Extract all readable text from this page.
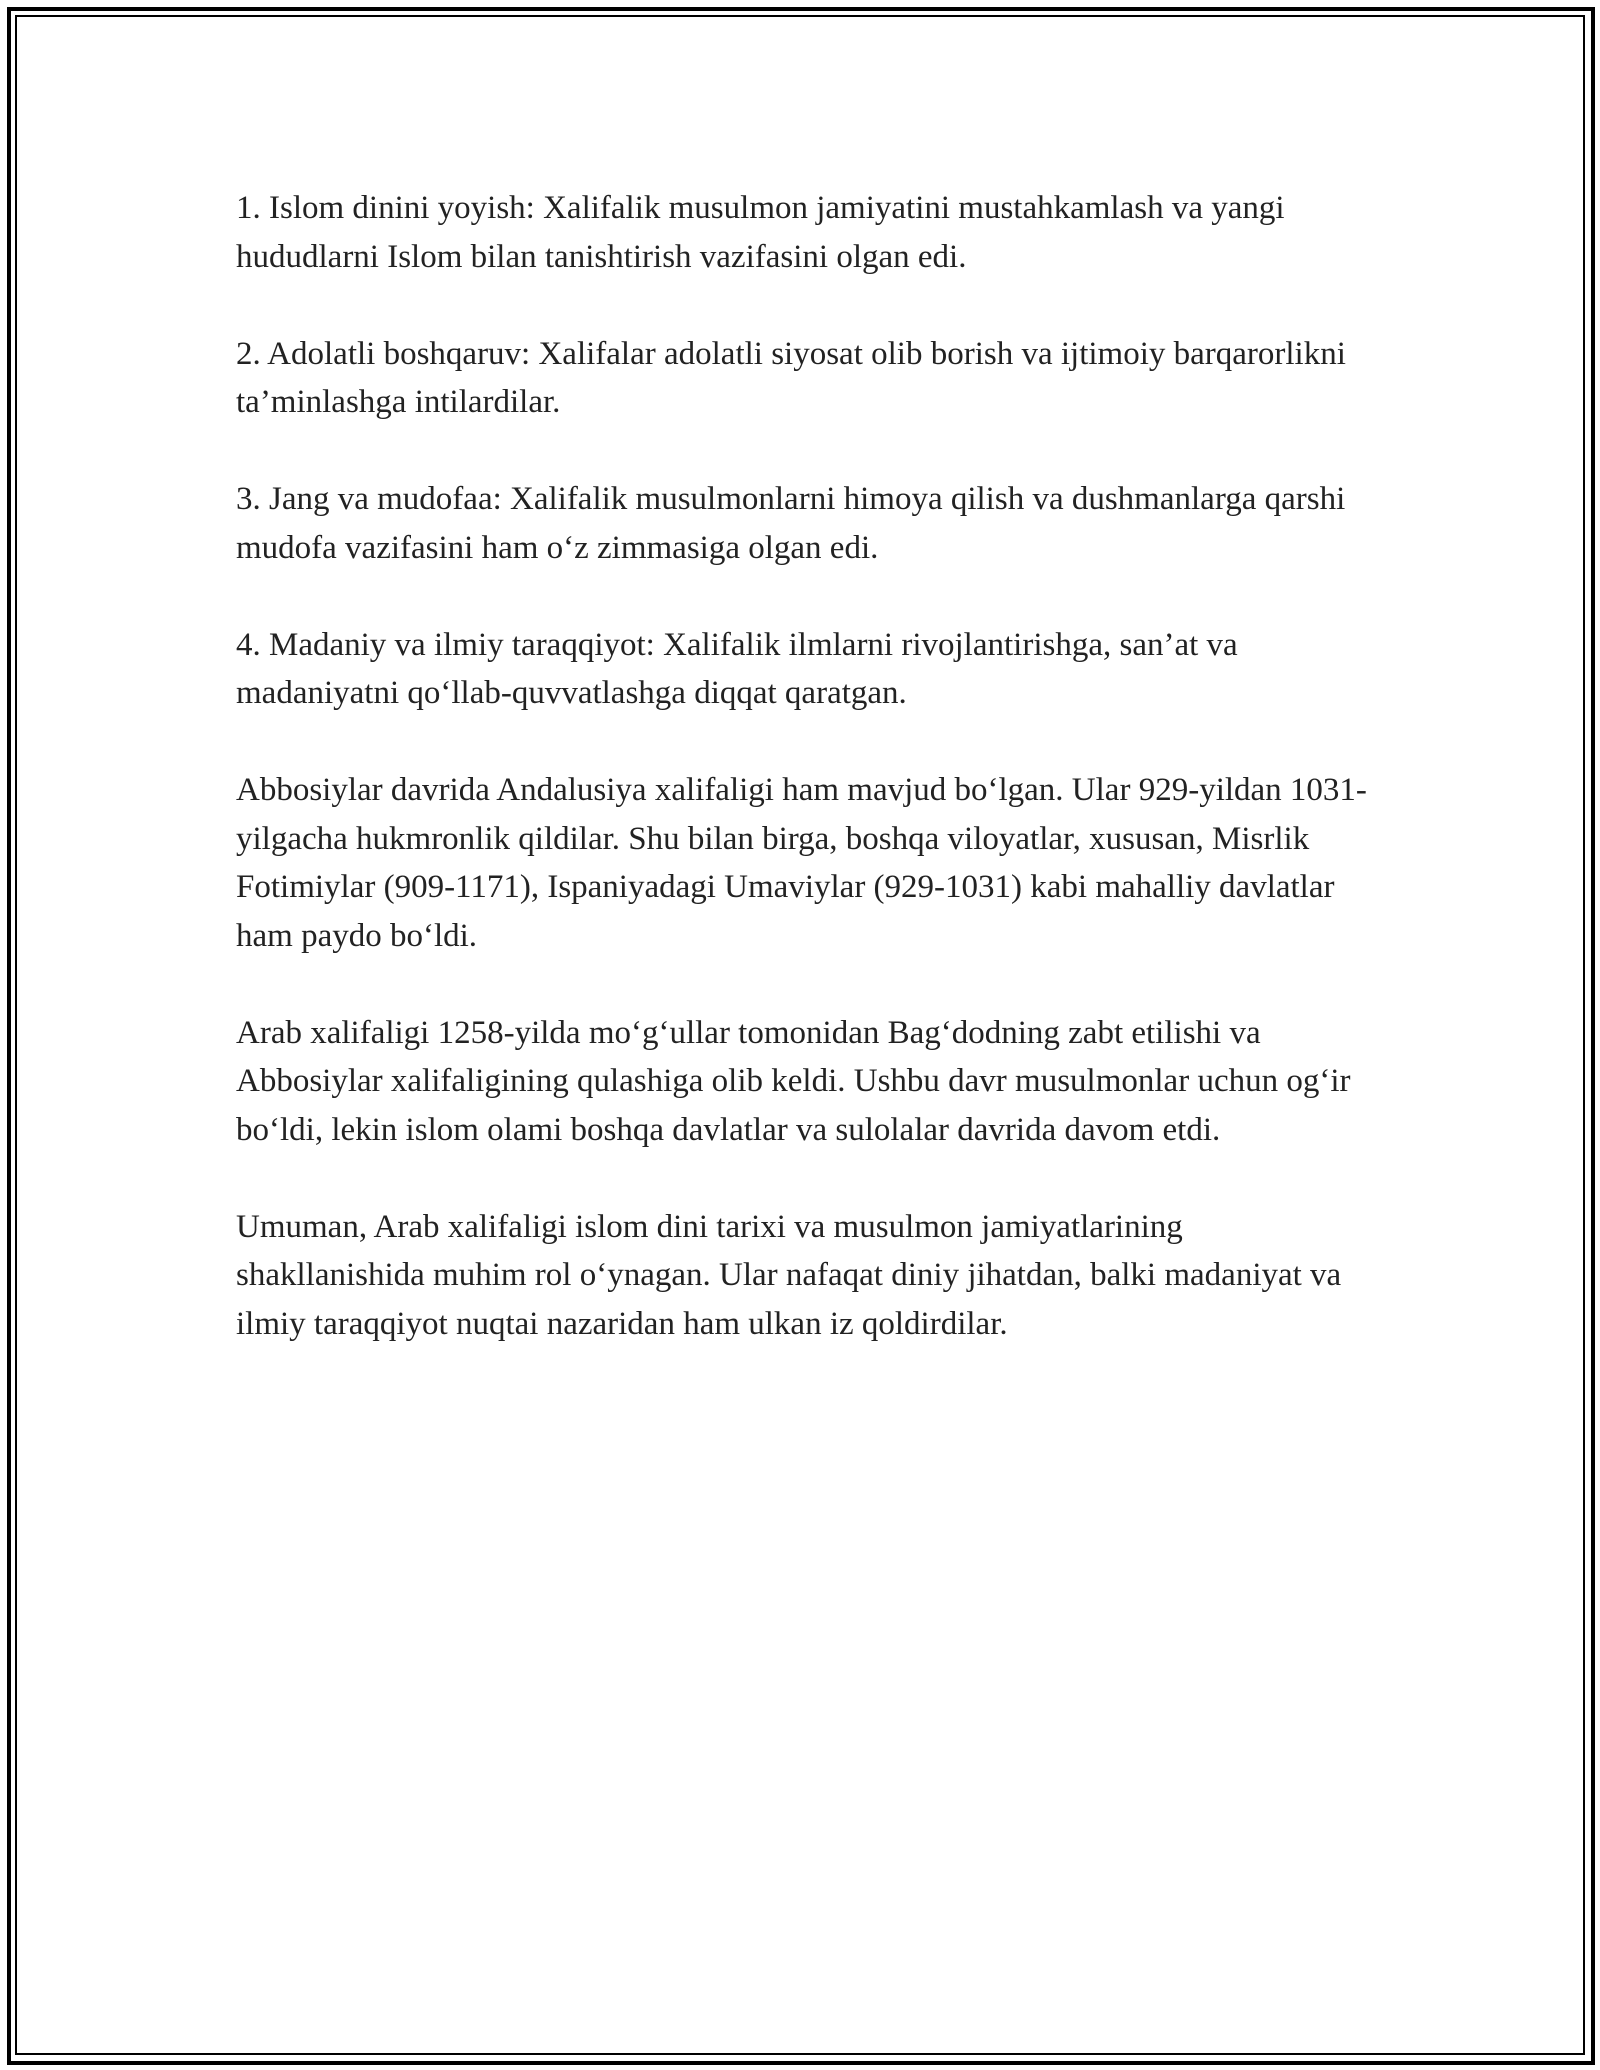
1. Islom dinini yoyish: Xalifalik musulmon jamiyatini mustahkamlash va yangi hududlarni Islom bilan tanishtirish vazifasini olgan edi.

2. Adolatli boshqaruv: Xalifalar adolatli siyosat olib borish va ijtimoiy barqarorlikni ta’minlashga intilardilar.

3. Jang va mudofaa: Xalifalik musulmonlarni himoya qilish va dushmanlarga qarshi mudofa vazifasini ham o‘z zimmasiga olgan edi.

4. Madaniy va ilmiy taraqqiyot: Xalifalik ilmlarni rivojlantirishga, san’at va madaniyatni qo‘llab-quvvatlashga diqqat qaratgan.

Abbosiylar davrida Andalusiya xalifaligi ham mavjud bo‘lgan. Ular 929-yildan 1031-yilgacha hukmronlik qildilar. Shu bilan birga, boshqa viloyatlar, xususan, Misrlik Fotimiylar (909-1171), Ispaniyadagi Umaviylar (929-1031) kabi mahalliy davlatlar ham paydo bo‘ldi.

Arab xalifaligi 1258-yilda mo‘g‘ullar tomonidan Bag‘dodning zabt etilishi va Abbosiylar xalifaligining qulashiga olib keldi. Ushbu davr musulmonlar uchun og‘ir bo‘ldi, lekin islom olami boshqa davlatlar va sulolalar davrida davom etdi.

Umuman, Arab xalifaligi islom dini tarixi va musulmon jamiyatlarining shakllanishida muhim rol o‘ynagan. Ular nafaqat diniy jihatdan, balki madaniyat va ilmiy taraqqiyot nuqtai nazaridan ham ulkan iz qoldirdilar.
